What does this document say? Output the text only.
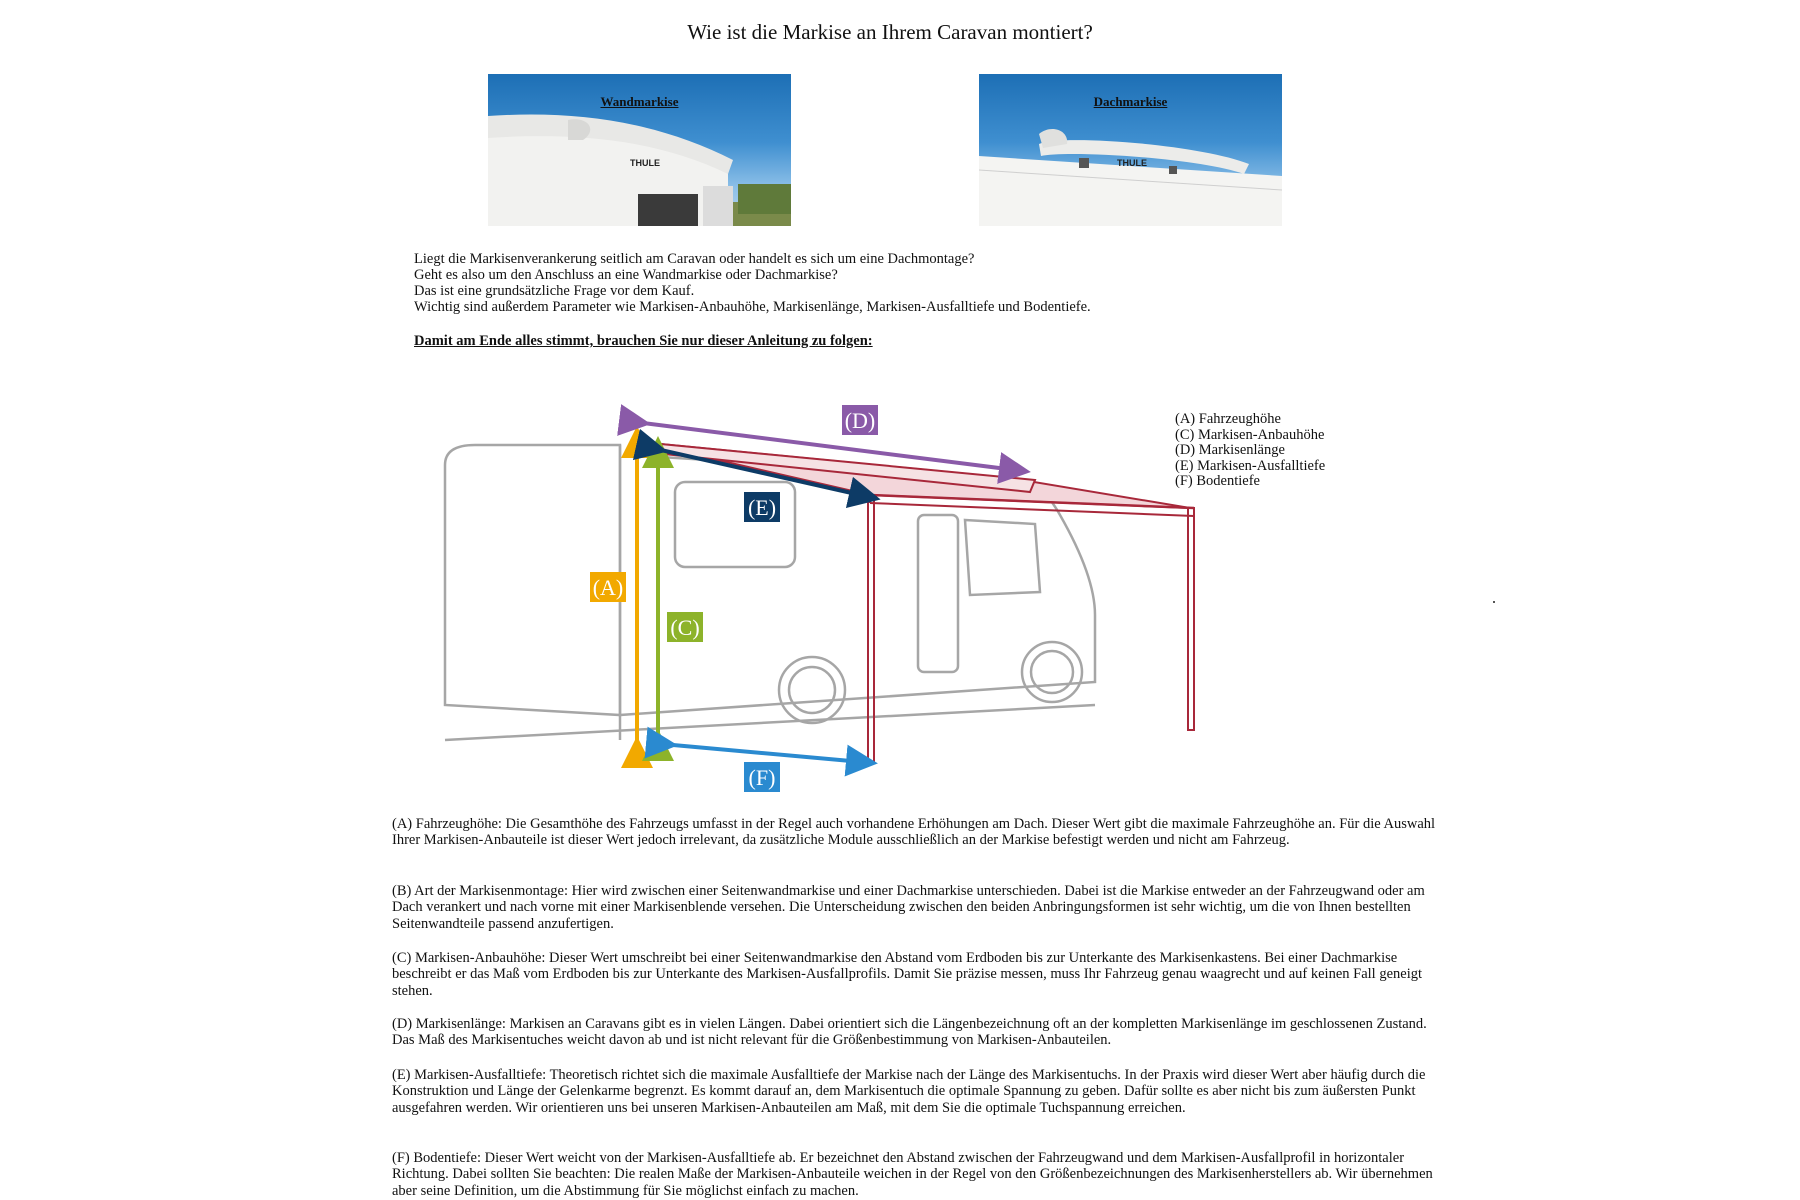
Wie ist die Markise an Ihrem Caravan montiert?
THULE
Wandmarkise
THULE
Dachmarkise
Liegt die Markisenverankerung seitlich am Caravan oder handelt es sich um eine Dachmontage?
Geht es also um den Anschluss an eine Wandmarkise oder Dachmarkise?
Das ist eine grundsätzliche Frage vor dem Kauf.
Wichtig sind außerdem Parameter wie Markisen-Anbauhöhe, Markisenlänge, Markisen-Ausfalltiefe und Bodentiefe.
Damit am Ende alles stimmt, brauchen Sie nur dieser Anleitung zu folgen:
(A)
(C)
(D)
(E)
(F)
(A) Fahrzeughöhe
(C) Markisen-Anbauhöhe
(D) Markisenlänge
(E) Markisen-Ausfalltiefe
(F) Bodentiefe
(A) Fahrzeughöhe: Die Gesamthöhe des Fahrzeugs umfasst in der Regel auch vorhandene Erhöhungen am Dach. Dieser Wert gibt die maximale Fahrzeughöhe an. Für die Auswahl Ihrer Markisen-Anbauteile ist dieser Wert jedoch irrelevant, da zusätzliche Module ausschließlich an der Markise befestigt werden und nicht am Fahrzeug.
(B) Art der Markisenmontage: Hier wird zwischen einer Seitenwandmarkise und einer Dachmarkise unterschieden. Dabei ist die Markise entweder an der Fahrzeugwand oder am Dach verankert und nach vorne mit einer Markisenblende versehen. Die Unterscheidung zwischen den beiden Anbringungsformen ist sehr wichtig, um die von Ihnen bestellten Seitenwandteile passend anzufertigen.
(C) Markisen-Anbauhöhe: Dieser Wert umschreibt bei einer Seitenwandmarkise den Abstand vom Erdboden bis zur Unterkante des Markisenkastens. Bei einer Dachmarkise beschreibt er das Maß vom Erdboden bis zur Unterkante des Markisen-Ausfallprofils. Damit Sie präzise messen, muss Ihr Fahrzeug genau waagrecht und auf keinen Fall geneigt stehen.
(D) Markisenlänge: Markisen an Caravans gibt es in vielen Längen. Dabei orientiert sich die Längenbezeichnung oft an der kompletten Markisenlänge im geschlossenen Zustand. Das Maß des Markisentuches weicht davon ab und ist nicht relevant für die Größenbestimmung von Markisen-Anbauteilen.
(E) Markisen-Ausfalltiefe: Theoretisch richtet sich die maximale Ausfalltiefe der Markise nach der Länge des Markisentuchs. In der Praxis wird dieser Wert aber häufig durch die Konstruktion und Länge der Gelenkarme begrenzt. Es kommt darauf an, dem Markisentuch die optimale Spannung zu geben. Dafür sollte es aber nicht bis zum äußersten Punkt ausgefahren werden. Wir orientieren uns bei unseren Markisen-Anbauteilen am Maß, mit dem Sie die optimale Tuchspannung erreichen.
(F) Bodentiefe: Dieser Wert weicht von der Markisen-Ausfalltiefe ab. Er bezeichnet den Abstand zwischen der Fahrzeugwand und dem Markisen-Ausfallprofil in horizontaler Richtung. Dabei sollten Sie beachten: Die realen Maße der Markisen-Anbauteile weichen in der Regel von den Größenbezeichnungen des Markisenherstellers ab. Wir übernehmen aber seine Definition, um die Abstimmung für Sie möglichst einfach zu machen.
